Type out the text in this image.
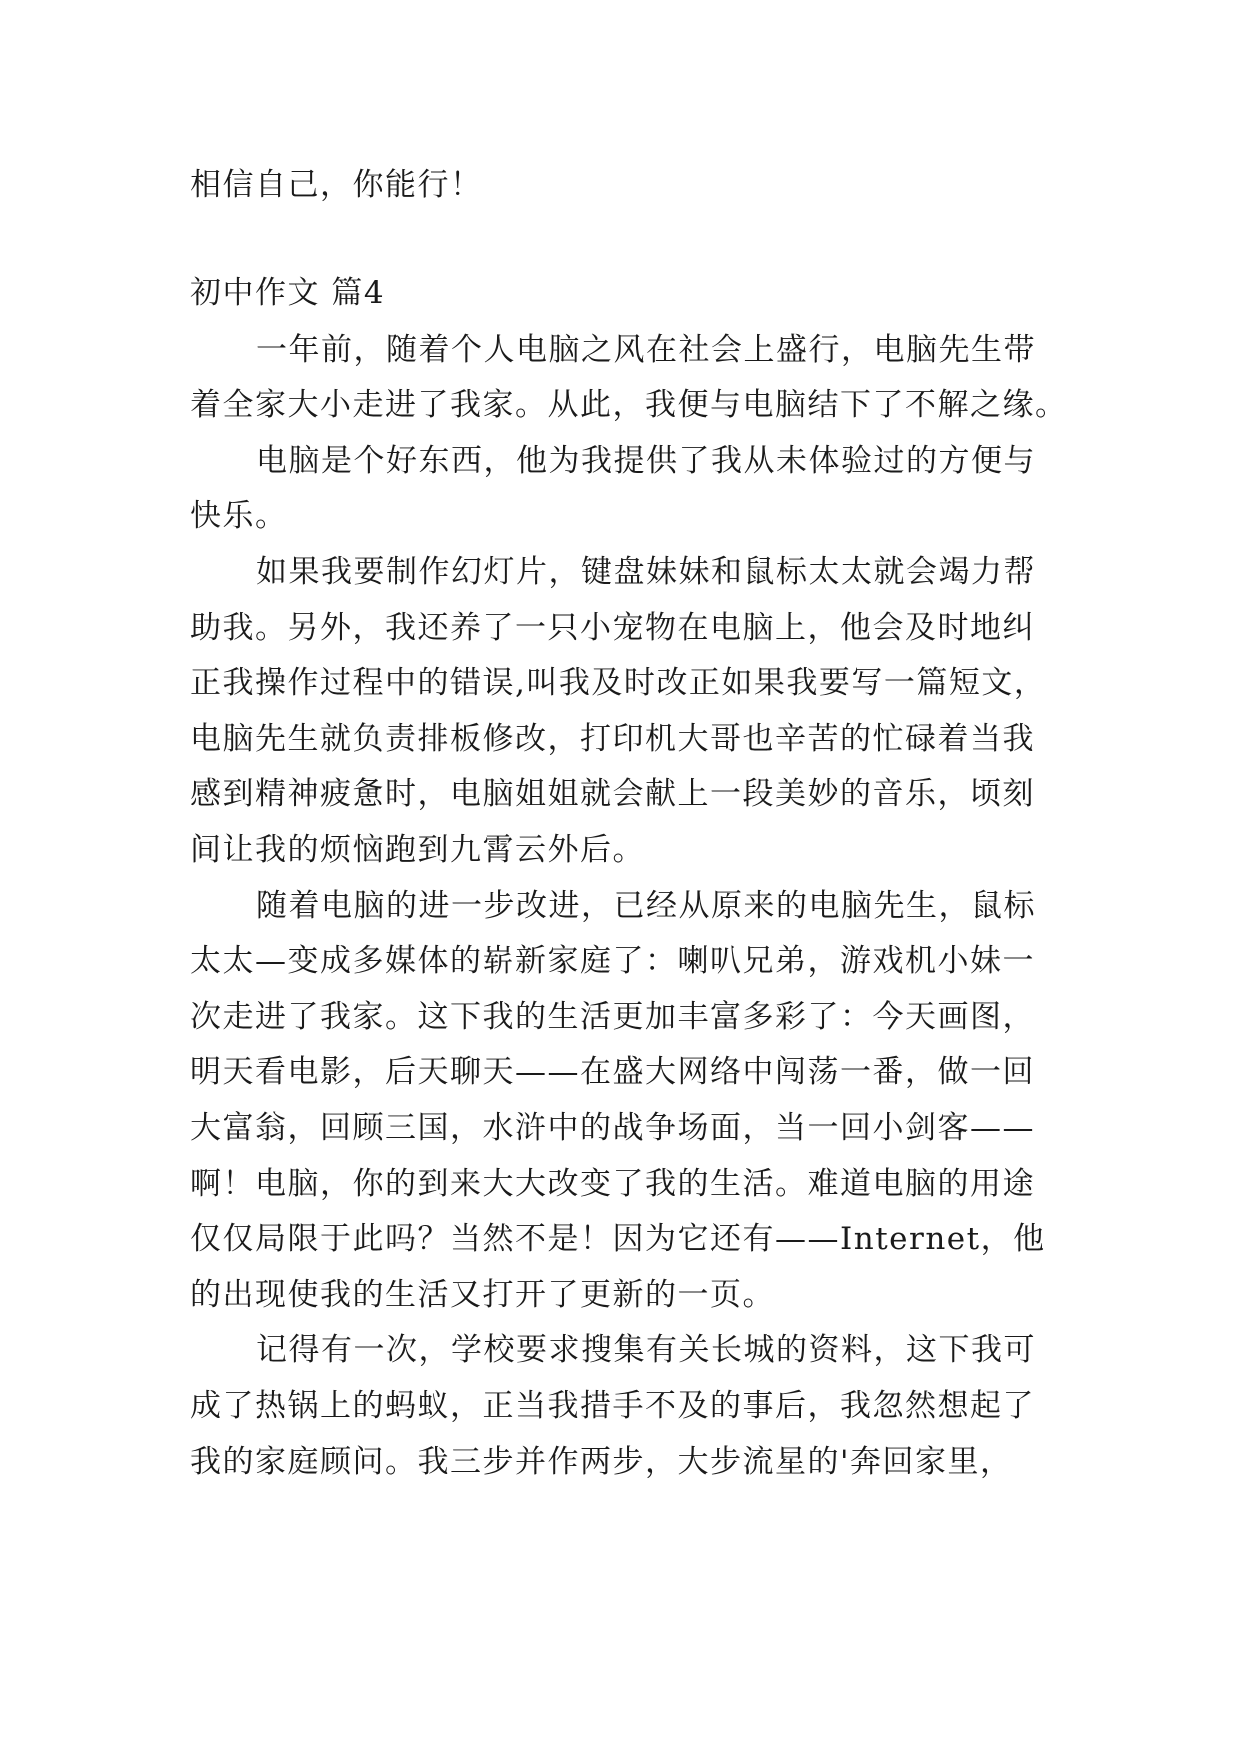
相信自己，你能行！
初中作文 篇4
一年前，随着个人电脑之风在社会上盛行，电脑先生带
着全家大小走进了我家。从此，我便与电脑结下了不解之缘。
电脑是个好东西，他为我提供了我从未体验过的方便与
快乐。
如果我要制作幻灯片，键盘妹妹和鼠标太太就会竭力帮
助我。另外，我还养了一只小宠物在电脑上，他会及时地纠
正我操作过程中的错误,叫我及时改正如果我要写一篇短文，
电脑先生就负责排板修改，打印机大哥也辛苦的忙碌着当我
感到精神疲惫时，电脑姐姐就会献上一段美妙的音乐，顷刻
间让我的烦恼跑到九霄云外后。
随着电脑的进一步改进，已经从原来的电脑先生，鼠标
太太—变成多媒体的崭新家庭了：喇叭兄弟，游戏机小妹一
次走进了我家。这下我的生活更加丰富多彩了：今天画图，
明天看电影，后天聊天——在盛大网络中闯荡一番，做一回
大富翁，回顾三国，水浒中的战争场面，当一回小剑客——
啊！电脑，你的到来大大改变了我的生活。难道电脑的用途
仅仅局限于此吗？当然不是！因为它还有——Internet，他
的出现使我的生活又打开了更新的一页。
记得有一次，学校要求搜集有关长城的资料，这下我可
成了热锅上的蚂蚁，正当我措手不及的事后，我忽然想起了
我的家庭顾问。我三步并作两步，大步流星的'奔回家里，
